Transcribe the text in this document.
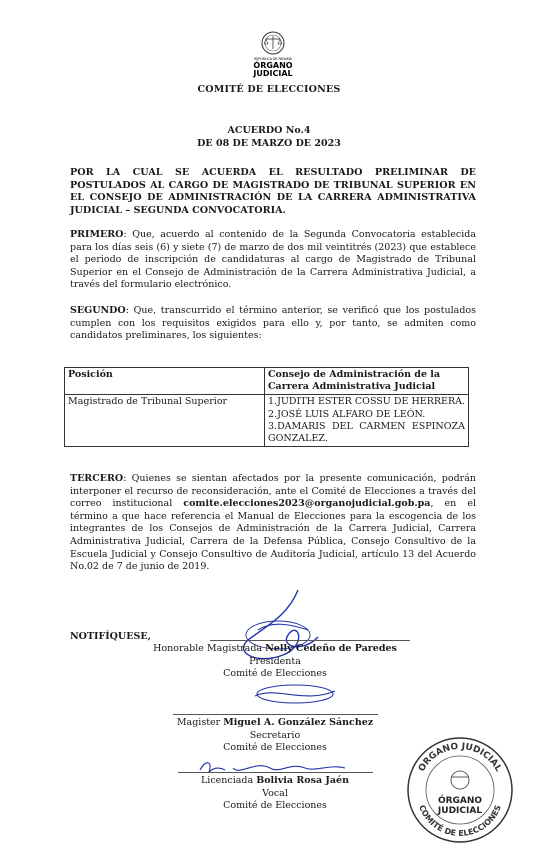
REPÚBLICA DE PANAMÁ
ÓRGANO
JUDICIAL
COMITÉ DE ELECCIONES
ACUERDO No.4
DE 08 DE MARZO DE 2023
POR LA CUAL SE ACUERDA EL RESULTADO PRELIMINAR DE POSTULADOS AL CARGO DE MAGISTRADO DE TRIBUNAL SUPERIOR EN EL CONSEJO DE ADMINISTRACIÓN DE LA CARRERA ADMINISTRATIVA JUDICIAL – SEGUNDA CONVOCATORIA.
PRIMERO: Que, acuerdo al contenido de la Segunda Convocatoria establecida para los días seis (6) y siete (7) de marzo de dos mil veintitrés (2023) que establece el periodo de inscripción de candidaturas al cargo de Magistrado de Tribunal Superior en el Consejo de Administración de la Carrera Administrativa Judicial, a través del formulario electrónico.
SEGUNDO: Que, transcurrido el término anterior, se verificó que los postulados cumplen con los requisitos exigidos para ello y, por tanto, se admiten como candidatos preliminares, los siguientes:
Posición	Consejo de Administración de la Carrera Administrativa Judicial
Magistrado de Tribunal Superior	1.JUDITH ESTER COSSU DE HERRERA.
2.JOSÉ LUIS ALFARO DE LEÓN.
3.DAMARIS DEL CARMEN ESPINOZA GONZALEZ.
TERCERO: Quienes se sientan afectados por la presente comunicación, podrán interponer el recurso de reconsideración, ante el Comité de Elecciones a través del correo institucional comite.elecciones2023@organojudicial.gob.pa, en el término a que hace referencia el Manual de Elecciones para la escogencia de los integrantes de los Consejos de Administración de la Carrera Judicial, Carrera Administrativa Judicial, Carrera de la Defensa Pública, Consejo Consultivo de la Escuela Judicial y Consejo Consultivo de Auditoría Judicial, artículo 13 del Acuerdo No.02 de 7 de junio de 2019.
NOTIFÍQUESE,
Honorable Magistrada Nelly Cedeño de Paredes
Presidenta
Comité de Elecciones
Magister Miguel A. González Sánchez
Secretario
Comité de Elecciones
Licenciada Bolivia Rosa Jaén
Vocal
Comité de Elecciones
ORGANO JUDICIAL
COMITÉ DE ELECCIONES
ÓRGANO
JUDICIAL
